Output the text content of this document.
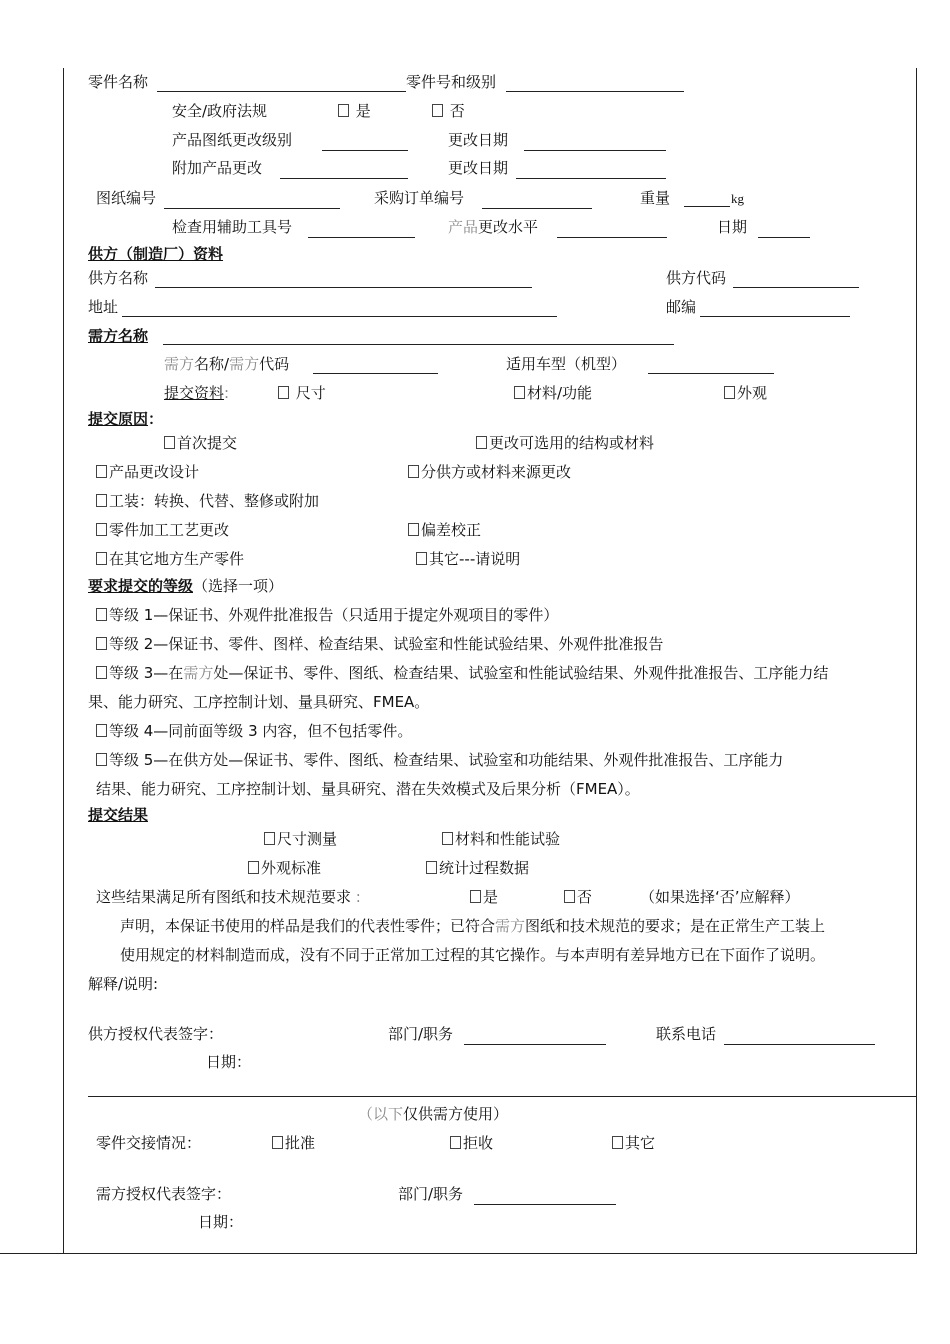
零件名称	零件号和级别
安全/政府法规	是	否
产品图纸更改级别	更改日期
附加产品更改	更改日期
图纸编号	采购订单编号	重量	kg
检查用辅助工具号	产品更改水平	日期
供方（制造厂）资料
供方名称	供方代码
地址	邮编
需方名称
需方名称/需方代码	适用车型（机型）
提交资料:	尺寸	材料/功能	外观
提交原因：
首次提交	更改可选用的结构或材料
产品更改设计	分供方或材料来源更改
工装：转换、代替、整修或附加
零件加工工艺更改	偏差校正
在其它地方生产零件	其它---请说明
要求提交的等级（选择一项）
等级 1—保证书、外观件批准报告（只适用于提定外观项目的零件）
等级 2—保证书、零件、图样、检查结果、试验室和性能试验结果、外观件批准报告
等级 3—在需方处—保证书、零件、图纸、检查结果、试验室和性能试验结果、外观件批准报告、工序能力结
果、能力研究、工序控制计划、量具研究、FMEA。
等级 4—同前面等级 3 内容，但不包括零件。
等级 5—在供方处—保证书、零件、图纸、检查结果、试验室和功能结果、外观件批准报告、工序能力
结果、能力研究、工序控制计划、量具研究、潜在失效模式及后果分析（FMEA）。
提交结果
尺寸测量	材料和性能试验
外观标准	统计过程数据
这些结果满足所有图纸和技术规范要求 :	是	否	（如果选择‘否’应解释）
声明，本保证书使用的样品是我们的代表性零件；已符合需方图纸和技术规范的要求；是在正常生产工装上
使用规定的材料制造而成，没有不同于正常加工过程的其它操作。与本声明有差异地方已在下面作了说明。
解释/说明:
供方授权代表签字：	部门/职务	联系电话
日期：
（以下仅供需方使用）
零件交接情况：	批准	拒收	其它
需方授权代表签字：	部门/职务
日期：
